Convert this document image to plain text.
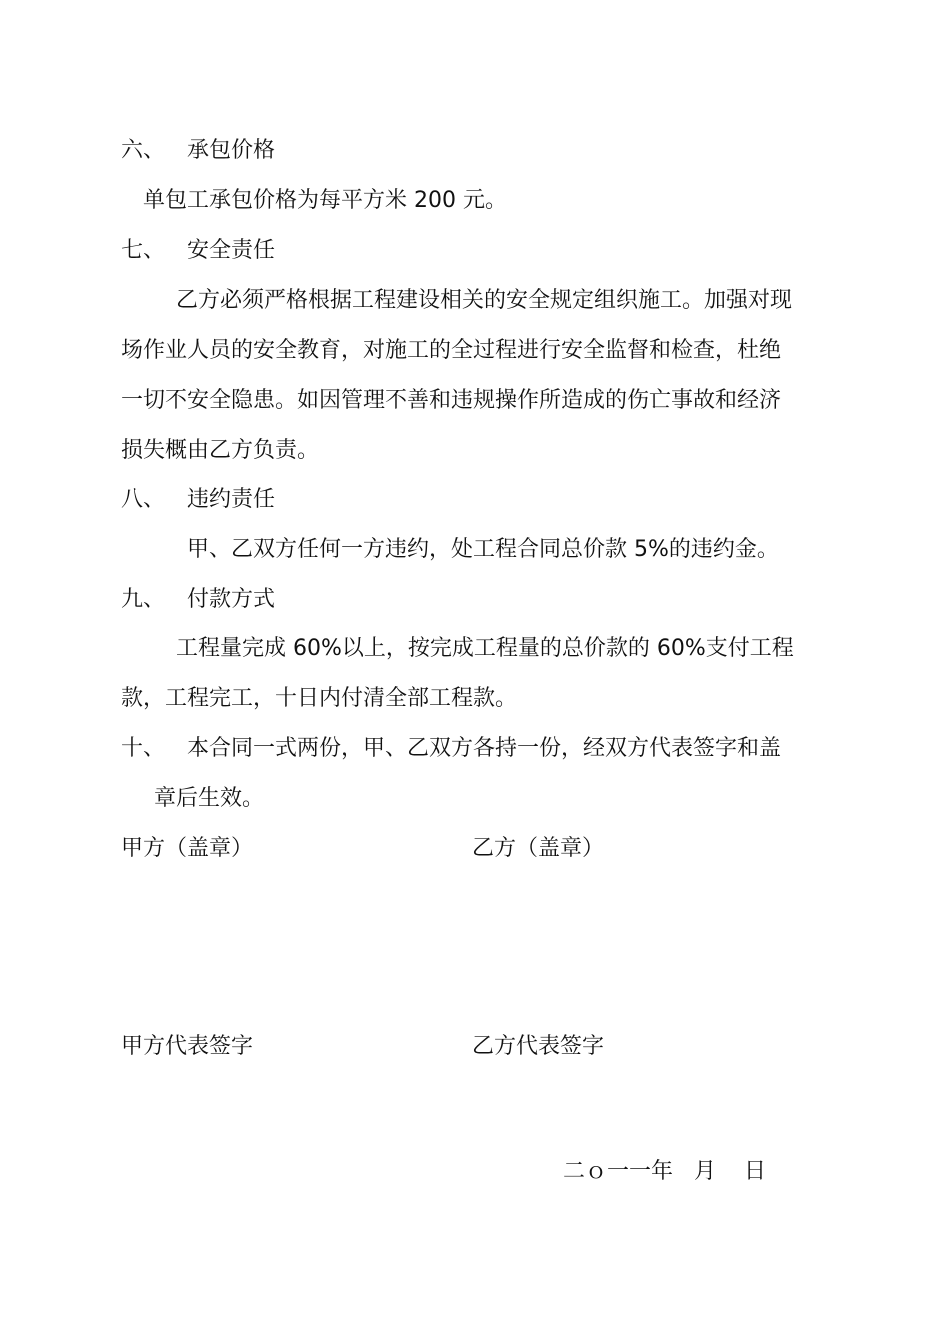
六、 承包价格
单包工承包价格为每平方米 200 元。
七、 安全责任
乙方必须严格根据工程建设相关的安全规定组织施工。加强对现
场作业人员的安全教育，对施工的全过程进行安全监督和检查，杜绝
一切不安全隐患。如因管理不善和违规操作所造成的伤亡事故和经济
损失概由乙方负责。
八、 违约责任
甲、乙双方任何一方违约，处工程合同总价款 5%的违约金。
九、 付款方式
工程量完成 60%以上，按完成工程量的总价款的 60%支付工程
款，工程完工，十日内付清全部工程款。
十、 本合同一式两份，甲、乙双方各持一份，经双方代表签字和盖
章后生效。
甲方（盖章）	乙方（盖章）
甲方代表签字	乙方代表签字
二ｏ一一年   月    日
